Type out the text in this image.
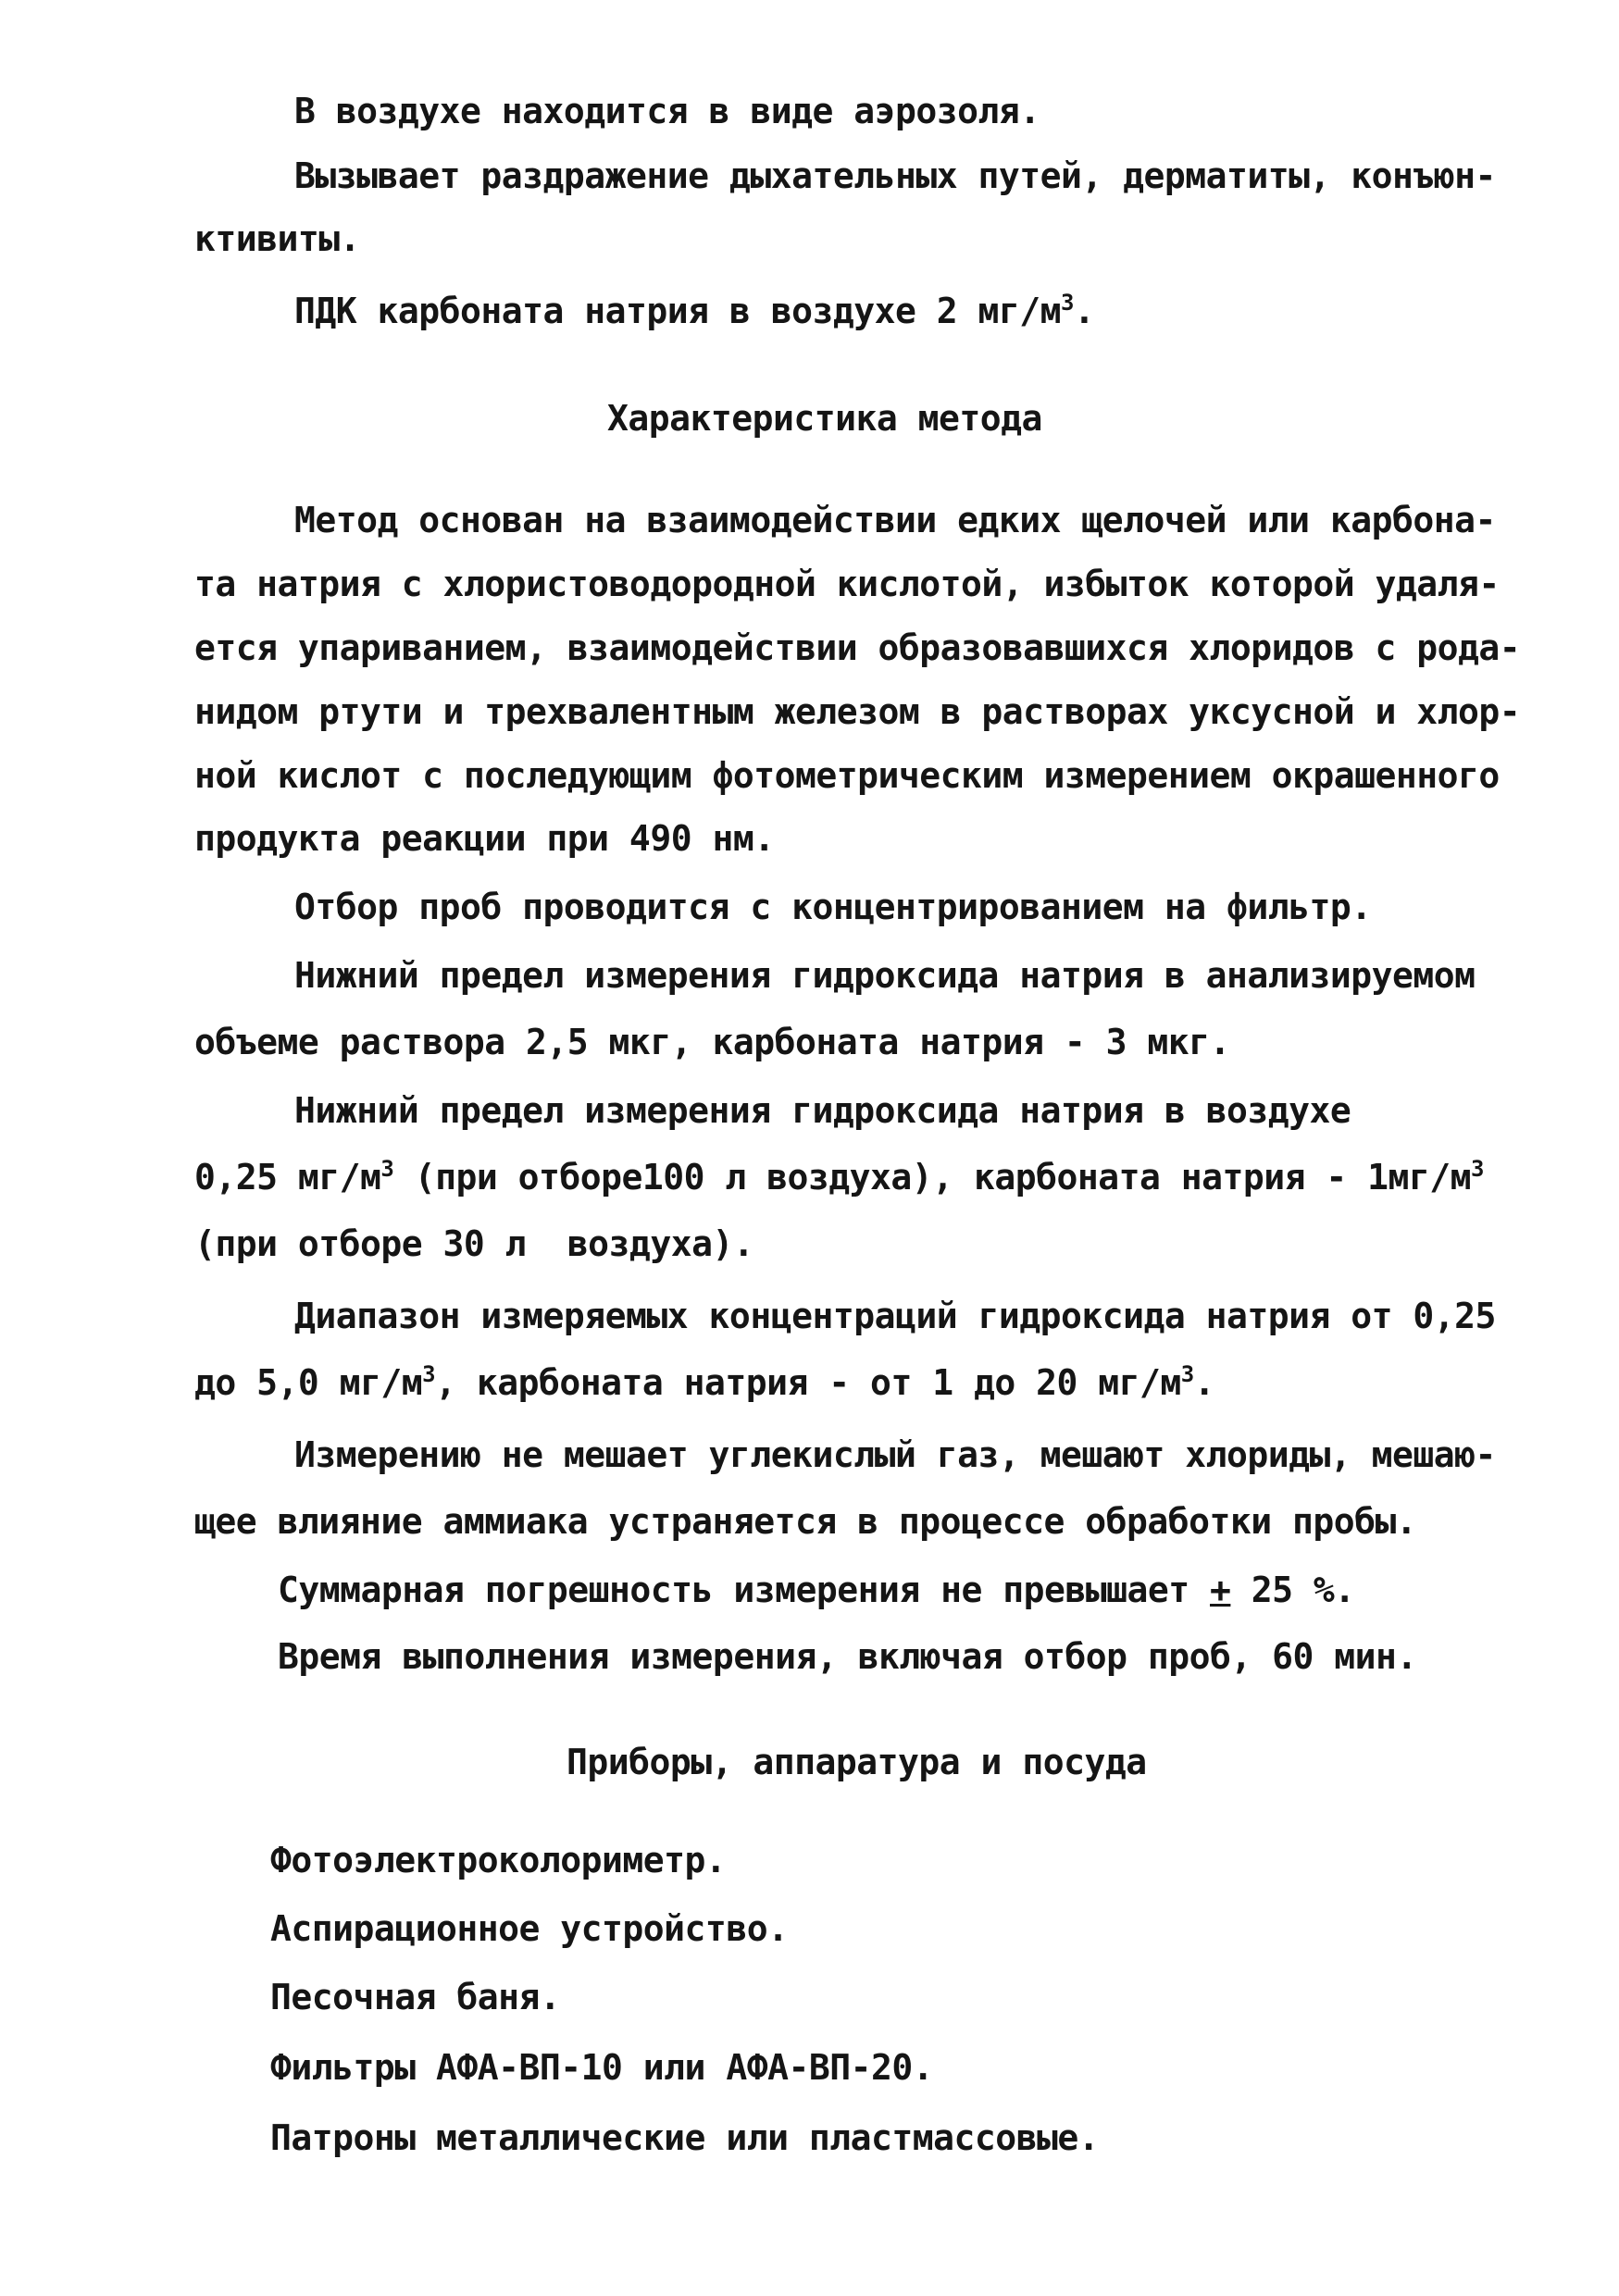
В воздухе находится в виде аэрозоля.
Вызывает раздражение дыхательных путей, дерматиты, конъюн-
ктивиты.
ПДК карбоната натрия в воздухе 2 $мг/м^3$.
Характеристика метода
Метод основан на взаимодействии едких щелочей или карбона-
та натрия с хлористоводородной кислотой, избыток которой удаля-
ется упариванием, взаимодействии образовавшихся хлоридов с рода-
нидом ртути и трехвалентным железом в растворах уксусной и хлор-
ной кислот с последующим фотометрическим измерением окрашенного
продукта реакции при 490 нм.
Отбор проб проводится с концентрированием на фильтр.
Нижний предел измерения гидроксида натрия в анализируемом
объеме раствора 2,5 мкг, карбоната натрия - 3 мкг.
Нижний предел измерения гидроксида натрия в воздухе
0,25 $мг/м^3$ (при отборе100 л воздуха), карбоната натрия - $1мг/м^3$
(при отборе 30 л  воздуха).
Диапазон измеряемых концентраций гидроксида натрия от 0,25
до 5,0 $мг/м^3$, карбоната натрия - от 1 до 20 $мг/м^3$.
Измерению не мешает углекислый газ, мешают хлориды, мешаю-
щее влияние аммиака устраняется в процессе обработки пробы.
Суммарная погрешность измерения не превышает + 25 %.
Время выполнения измерения, включая отбор проб, 60 мин.
Приборы, аппаратура и посуда
Фотоэлектроколориметр.
Аспирационное устройство.
Песочная баня.
Фильтры АФА-ВП-10 или АФА-ВП-20.
Патроны металлические или пластмассовые.
